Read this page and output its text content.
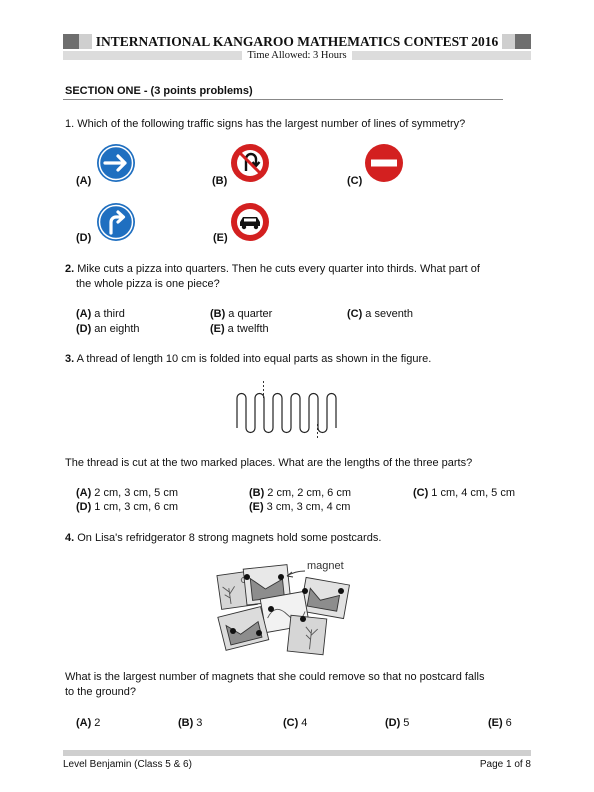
INTERNATIONAL KANGAROO MATHEMATICS CONTEST 2016
Time Allowed: 3 Hours
SECTION ONE - (3 points problems)
1. Which of the following traffic signs has the largest number of lines of symmetry?
(A)	(B)	(C)
(D)	(E)
2. Mike cuts a pizza into quarters. Then he cuts every quarter into thirds. What part of
the whole pizza is one piece?
(A) a third	(B) a quarter	(C) a seventh
(D) an eighth	(E) a twelfth
3. A thread of length 10 cm is folded into equal parts as shown in the figure.
The thread is cut at the two marked places. What are the lengths of the three parts?
(A) 2 cm, 3 cm, 5 cm	(B) 2 cm, 2 cm, 6 cm	(C) 1 cm, 4 cm, 5 cm
(D) 1 cm, 3 cm, 6 cm	(E) 3 cm, 3 cm, 4 cm
4. On Lisa's refridgerator 8 strong magnets hold some postcards.
magnet
What is the largest number of magnets that she could remove so that no postcard falls
to the ground?
(A) 2	(B) 3	(C) 4	(D) 5	(E) 6
Level Benjamin (Class 5 & 6)	Page 1 of 8
